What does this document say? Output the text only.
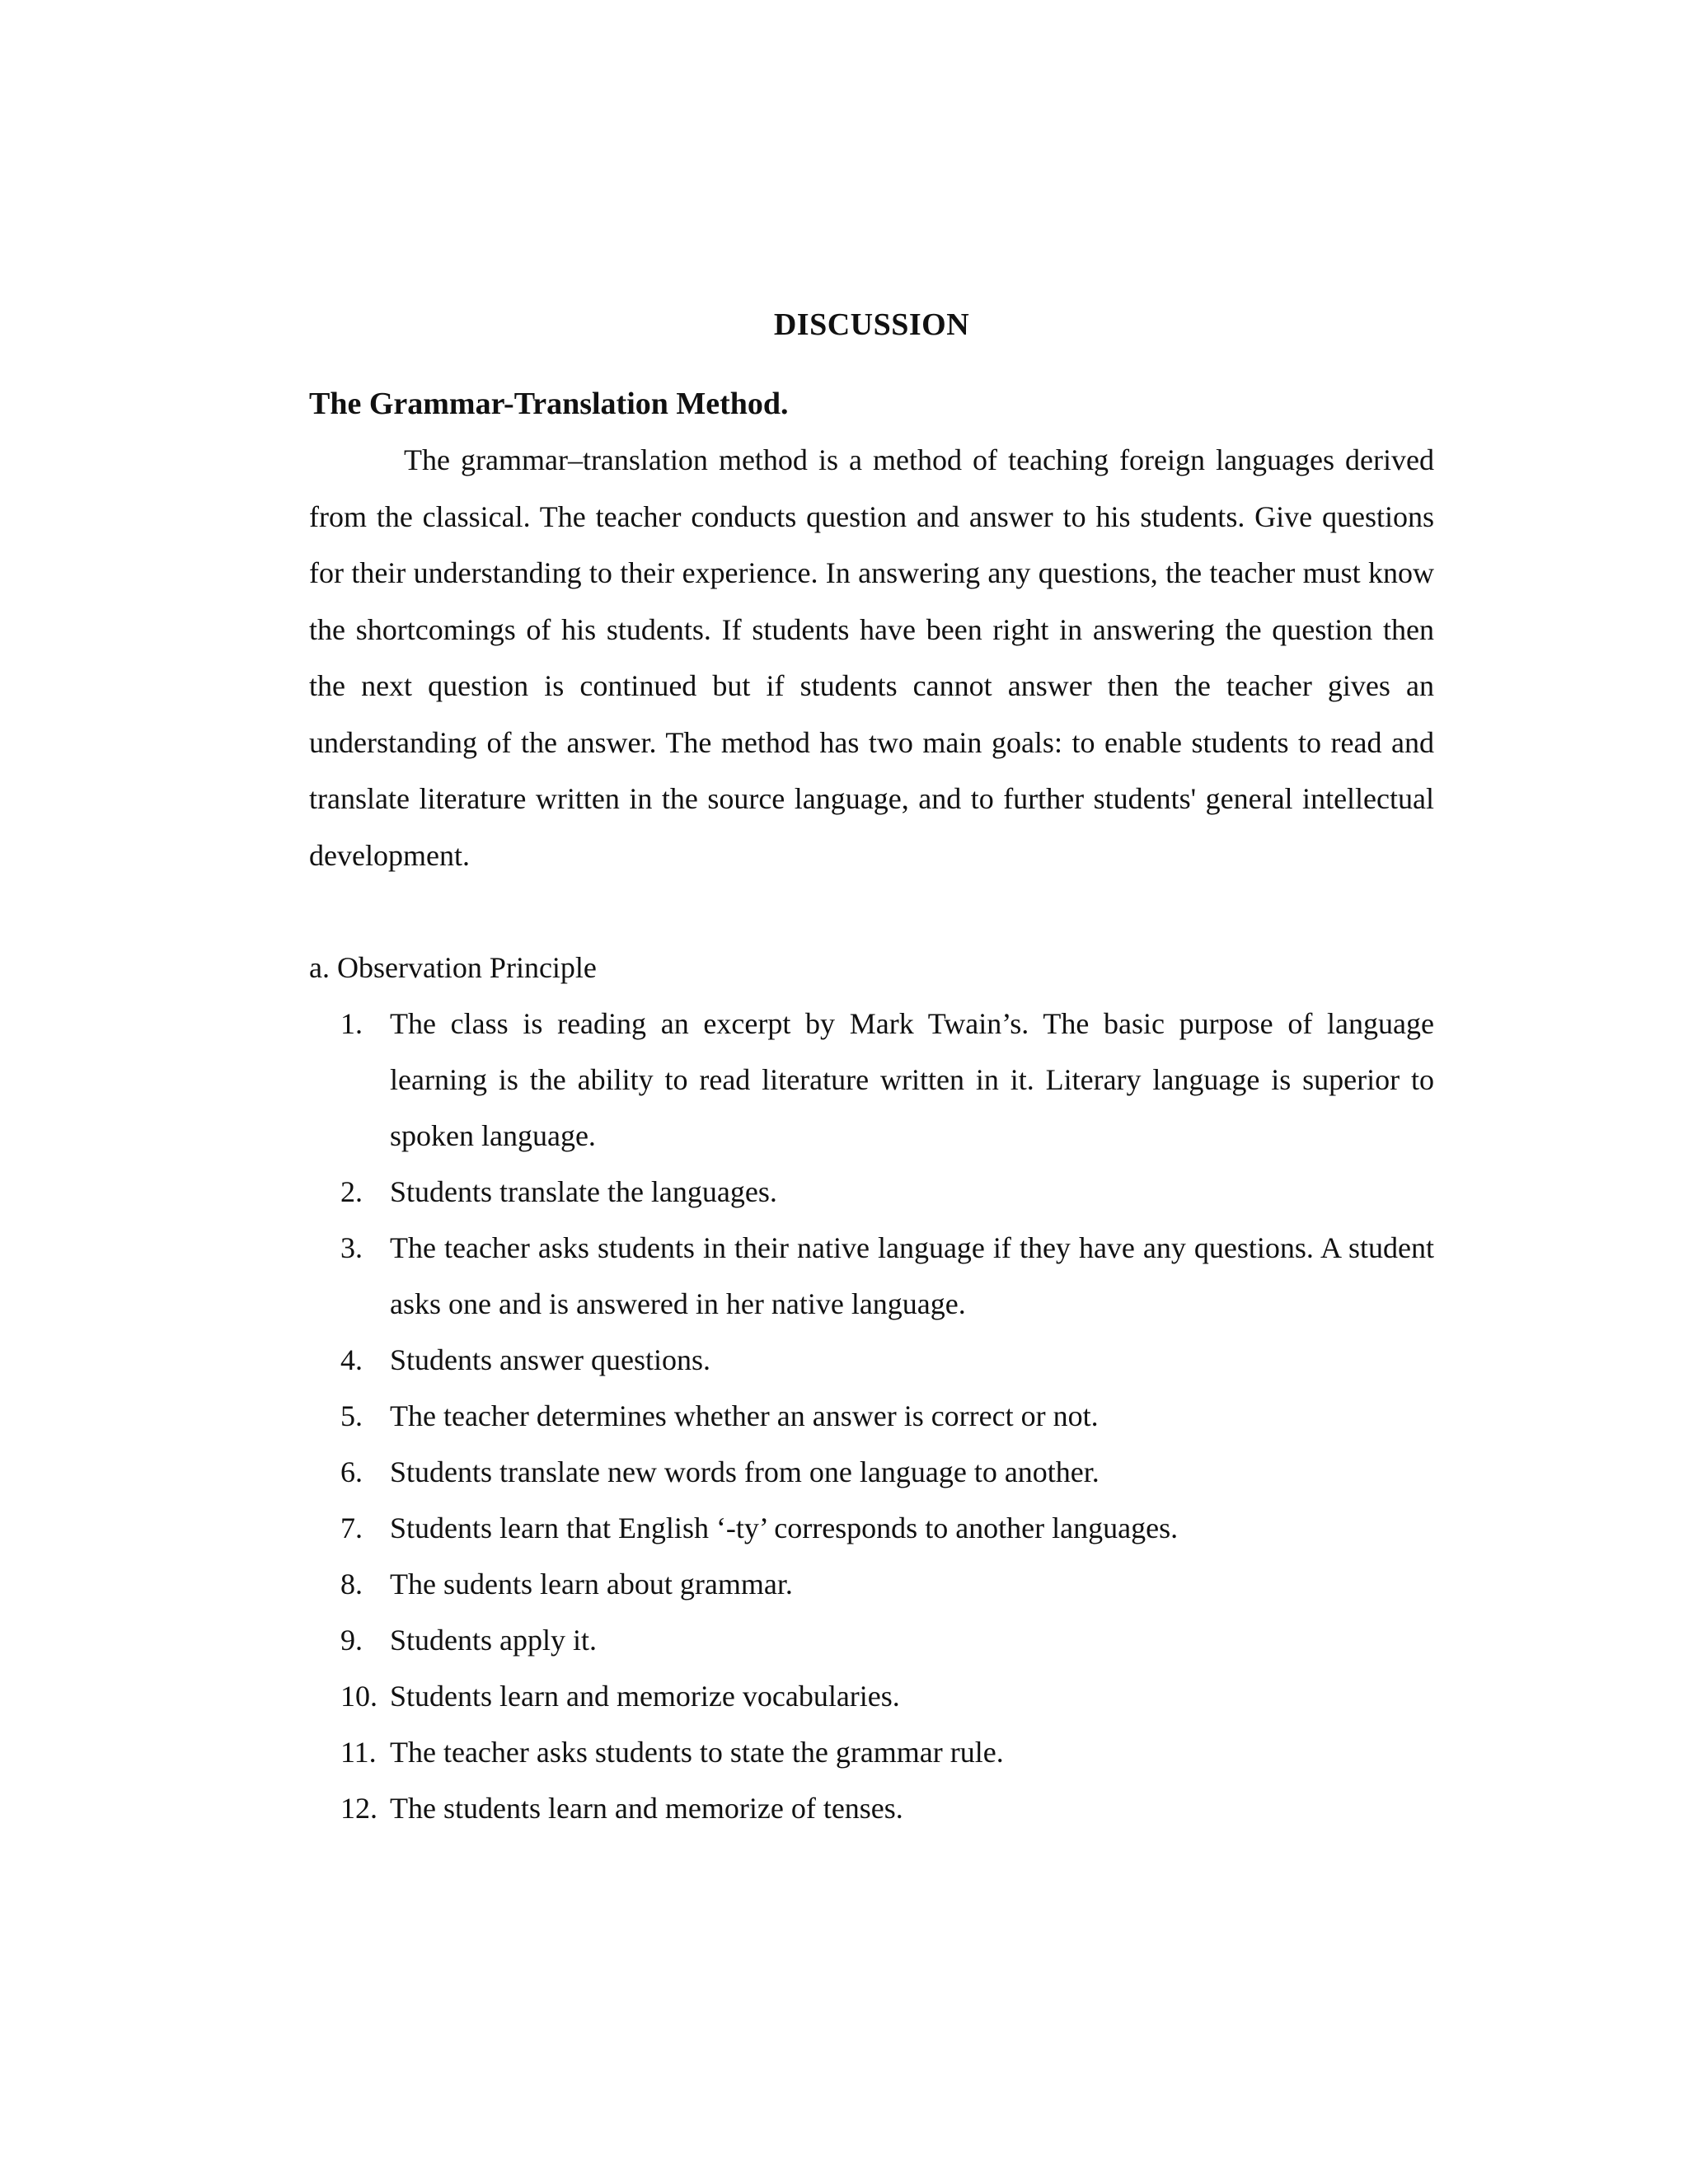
DISCUSSION
The Grammar-Translation Method.

The grammar–translation method is a method of teaching foreign languages derived from the classical. The teacher conducts question and answer to his students. Give questions for their understanding to their experience. In answering any questions, the teacher must know the shortcomings of his students. If students have been right in answering the question then the next question is continued but if students cannot answer then the teacher gives an understanding of the answer. The method has two main goals: to enable students to read and translate literature written in the source language, and to further students' general intellectual development.

a. Observation Principle
1. The class is reading an excerpt by Mark Twain’s. The basic purpose of language learning is the ability to read literature written in it. Literary language is superior to spoken language.
2. Students translate the languages.
3. The teacher asks students in their native language if they have any questions. A student asks one and is answered in her native language.
4. Students answer questions.
5. The teacher determines whether an answer is correct or not.
6. Students translate new words from one language to another.
7. Students learn that English ‘-ty’ corresponds to another languages.
8. The sudents learn about grammar.
9. Students apply it.
10. Students learn and memorize vocabularies.
11. The teacher asks students to state the grammar rule.
12. The students learn and memorize of tenses.
